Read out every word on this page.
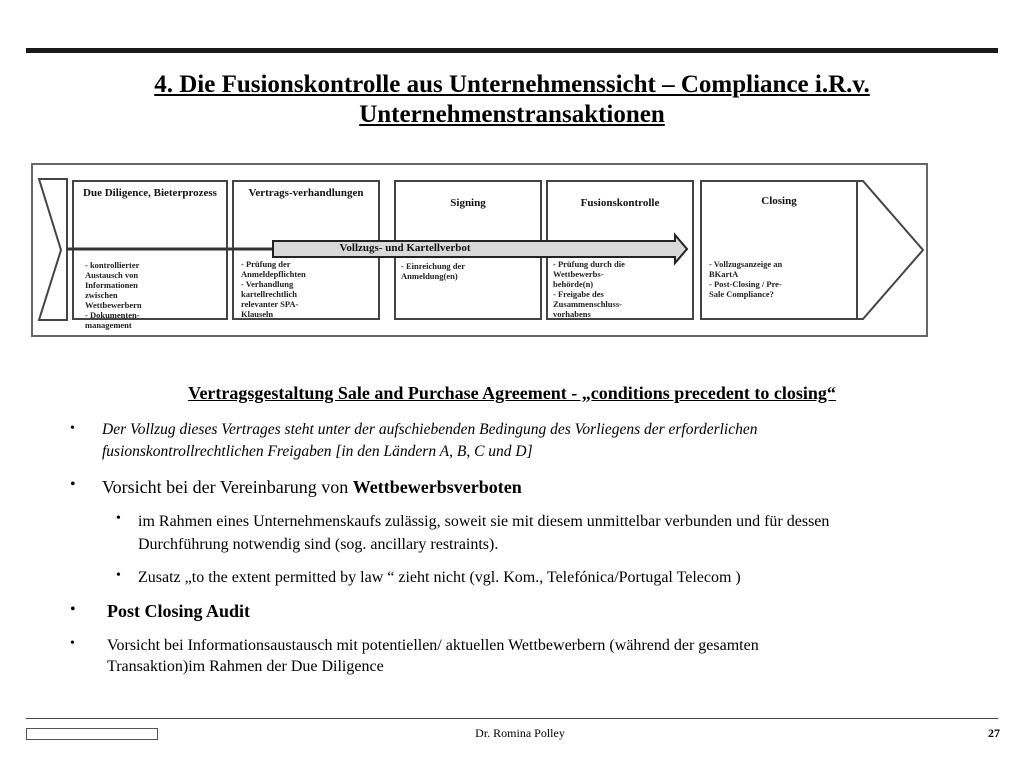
4. Die Fusionskontrolle aus Unternehmenssicht – Compliance i.R.v.
Unternehmenstransaktionen
Due Diligence, Bieterprozess	Vertrags-verhandlungen
Signing	Fusionskontrolle	Closing
Vollzugs- und Kartellverbot
- kontrollierter
Austausch von
Informationen
zwischen
Wettbewerbern
- Dokumenten-
management
- Prüfung der
Anmeldepflichten
- Verhandlung
kartellrechtlich
relevanter SPA-
Klauseln
- Einreichung der
Anmeldung(en)
- Prüfung durch die
Wettbewerbs-
behörde(n)
- Freigabe des
Zusammenschluss-
vorhabens
- Vollzugsanzeige an
BKartA
- Post-Closing / Pre-
Sale Compliance?
Vertragsgestaltung Sale and Purchase Agreement - „conditions precedent to closing“
• Der Vollzug dieses Vertrages steht unter der aufschiebenden Bedingung des Vorliegens der erforderlichen
fusionskontrollrechtlichen Freigaben [in den Ländern A, B, C und D]
• Vorsicht bei der Vereinbarung von Wettbewerbsverboten
• im Rahmen eines Unternehmenskaufs zulässig, soweit sie mit diesem unmittelbar verbunden und für dessen
Durchführung notwendig sind (sog. ancillary restraints).
• Zusatz „to the extent permitted by law “ zieht nicht (vgl. Kom., Telefónica/Portugal Telecom )
• Post Closing Audit
• Vorsicht bei Informationsaustausch mit potentiellen/ aktuellen Wettbewerbern (während der gesamten
Transaktion)im Rahmen der Due Diligence
Dr. Romina Polley	27
